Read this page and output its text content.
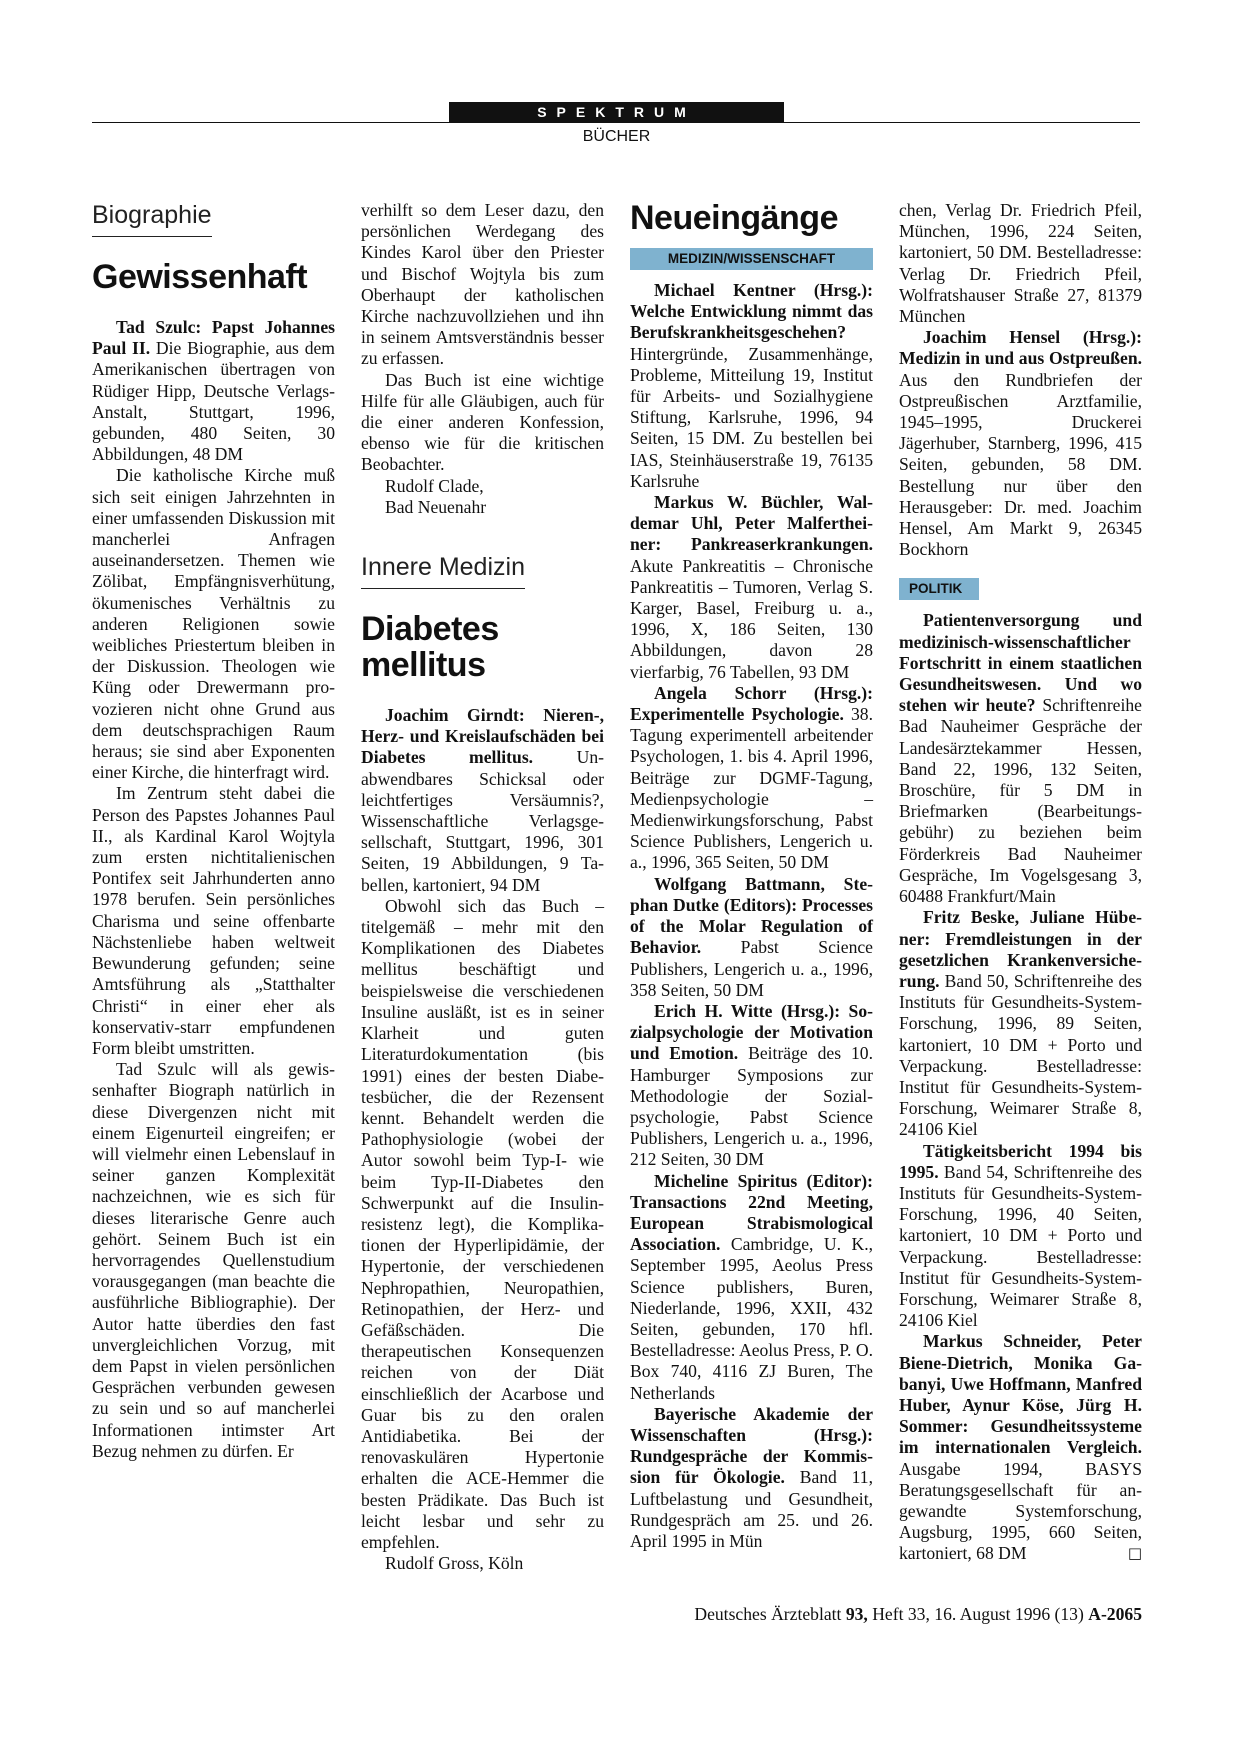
SPEKTRUM
BÜCHER
Biographie
Gewissenhaft

Tad Szulc: Papst Johannes Paul II. Die Biographie, aus dem Amerikanischen übertragen von Rüdiger Hipp, Deutsche Verlags-Anstalt, Stuttgart, 1996, gebunden, 480 Seiten, 30 Abbildungen, 48 DM

Die katholische Kirche muß sich seit einigen Jahrzehnten in einer umfassenden Diskussion mit mancherlei Anfragen auseinandersetzen. Themen wie Zölibat, Empfängnisverhütung, ökumenisches Verhältnis zu anderen Religionen sowie weibliches Priestertum bleiben in der Diskussion. Theologen wie Küng oder Drewermann provozieren nicht ohne Grund aus dem deutschsprachigen Raum heraus; sie sind aber Exponenten einer Kirche, die hinterfragt wird.

Im Zentrum steht dabei die Person des Papstes Johannes Paul II., als Kardinal Karol Wojtyla zum ersten nichtitalienischen Pontifex seit Jahrhunderten anno 1978 berufen. Sein persönliches Charisma und seine offenbarte Nächstenliebe haben weltweit Bewunderung gefunden; seine Amtsführung als „Statthalter Christi“ in einer eher als konservativ-starr empfundenen Form bleibt umstritten.

Tad Szulc will als gewissenhafter Biograph natürlich in diese Divergenzen nicht mit einem Eigenurteil eingreifen; er will vielmehr einen Lebenslauf in seiner ganzen Komplexität nachzeichnen, wie es sich für dieses literarische Genre auch gehört. Seinem Buch ist ein hervorragendes Quellenstudium vorausgegangen (man beachte die ausführliche Bibliographie). Der Autor hatte überdies den fast unvergleichlichen Vorzug, mit dem Papst in vielen persönlichen Gesprächen verbunden gewesen zu sein und so auf mancherlei Informationen intimster Art Bezug nehmen zu dürfen. Er

verhilft so dem Leser dazu, den persönlichen Werdegang des Kindes Karol über den Priester und Bischof Wojtyla bis zum Oberhaupt der katholischen Kirche nachzuvollziehen und ihn in seinem Amtsverständnis besser zu erfassen.

Das Buch ist eine wichtige Hilfe für alle Gläubigen, auch für die einer anderen Konfession, ebenso wie für die kritischen Beobachter.

Rudolf Clade,

Bad Neuenahr

Innere Medizin
Diabetes mellitus

Joachim Girndt: Nieren-, Herz- und Kreislaufschäden bei Diabetes mellitus. Unabwendbares Schicksal oder leichtfertiges Versäumnis?, Wissenschaftliche Verlagsgesellschaft, Stuttgart, 1996, 301 Seiten, 19 Abbildungen, 9 Tabellen, kartoniert, 94 DM

Obwohl sich das Buch – titelgemäß – mehr mit den Komplikationen des Diabetes mellitus beschäftigt und beispielsweise die verschiedenen Insuline ausläßt, ist es in seiner Klarheit und guten Literaturdokumentation (bis 1991) eines der besten Diabetesbücher, die der Rezensent kennt. Behandelt werden die Pathophysiologie (wobei der Autor sowohl beim Typ-I- wie beim Typ-II-Diabetes den Schwerpunkt auf die Insulinresistenz legt), die Komplikationen der Hyperlipidämie, der Hypertonie, der verschiedenen Nephropathien, Neuropathien, Retinopathien, der Herz- und Gefäßschäden. Die therapeutischen Konsequenzen reichen von der Diät einschließlich der Acarbose und Guar bis zu den oralen Antidiabetika. Bei der renovaskulären Hypertonie erhalten die ACE-Hemmer die besten Prädikate. Das Buch ist leicht lesbar und sehr zu empfehlen.

Rudolf Gross, Köln

Neueingänge
MEDIZIN/WISSENSCHAFT

Michael Kentner (Hrsg.): Welche Entwicklung nimmt das Berufskrankheitsgeschehen? Hintergründe, Zusammenhänge, Probleme, Mitteilung 19, Institut für Arbeits- und Sozialhygiene Stiftung, Karlsruhe, 1996, 94 Seiten, 15 DM. Zu bestellen bei IAS, Steinhäuserstraße 19, 76135 Karlsruhe

Markus W. Büchler, Waldemar Uhl, Peter Malfertheiner: Pankreaserkrankungen. Akute Pankreatitis – Chronische Pankreatitis – Tumoren, Verlag S. Karger, Basel, Freiburg u. a., 1996, X, 186 Seiten, 130 Abbildungen, davon 28 vierfarbig, 76 Tabellen, 93 DM

Angela Schorr (Hrsg.): Experimentelle Psychologie. 38. Tagung experimentell arbeitender Psychologen, 1. bis 4. April 1996, Beiträge zur DGMF-Tagung, Medienpsychologie – Medienwirkungsforschung, Pabst Science Publishers, Lengerich u. a., 1996, 365 Seiten, 50 DM

Wolfgang Battmann, Stephan Dutke (Editors): Processes of the Molar Regulation of Behavior. Pabst Science Publishers, Lengerich u. a., 1996, 358 Seiten, 50 DM

Erich H. Witte (Hrsg.): Sozialpsychologie der Motivation und Emotion. Beiträge des 10. Hamburger Symposions zur Methodologie der Sozialpsychologie, Pabst Science Publishers, Lengerich u. a., 1996, 212 Seiten, 30 DM

Micheline Spiritus (Editor): Transactions 22nd Meeting, European Strabismological Association. Cambridge, U. K., September 1995, Aeolus Press Science publishers, Buren, Niederlande, 1996, XXII, 432 Seiten, gebunden, 170 hfl. Bestelladresse: Aeolus Press, P. O. Box 740, 4116 ZJ Buren, The Netherlands

Bayerische Akademie der Wissenschaften (Hrsg.): Rundgespräche der Kommission für Ökologie. Band 11, Luftbelastung und Gesundheit, Rundgespräch am 25. und 26. April 1995 in Mün

chen, Verlag Dr. Friedrich Pfeil, München, 1996, 224 Seiten, kartoniert, 50 DM. Bestelladresse: Verlag Dr. Friedrich Pfeil, Wolfratshauser Straße 27, 81379 München

Joachim Hensel (Hrsg.): Medizin in und aus Ostpreußen. Aus den Rundbriefen der Ostpreußischen Arztfamilie, 1945–1995, Druckerei Jägerhuber, Starnberg, 1996, 415 Seiten, gebunden, 58 DM. Bestellung nur über den Herausgeber: Dr. med. Joachim Hensel, Am Markt 9, 26345 Bockhorn

POLITIK

Patientenversorgung und medizinisch-wissenschaftlicher Fortschritt in einem staatlichen Gesundheitswesen. Und wo stehen wir heute? Schriftenreihe Bad Nauheimer Gespräche der Landesärztekammer Hessen, Band 22, 1996, 132 Seiten, Broschüre, für 5 DM in Briefmarken (Bearbeitungsgebühr) zu beziehen beim Förderkreis Bad Nauheimer Gespräche, Im Vogelsgesang 3, 60488 Frankfurt/Main

Fritz Beske, Juliane Hübener: Fremdleistungen in der gesetzlichen Krankenversicherung. Band 50, Schriftenreihe des Instituts für Gesundheits-System-Forschung, 1996, 89 Seiten, kartoniert, 10 DM + Porto und Verpackung. Bestelladresse: Institut für Gesundheits-System-Forschung, Weimarer Straße 8, 24106 Kiel

Tätigkeitsbericht 1994 bis 1995. Band 54, Schriftenreihe des Instituts für Gesundheits-System-Forschung, 1996, 40 Seiten, kartoniert, 10 DM + Porto und Verpackung. Bestelladresse: Institut für Gesundheits-System-Forschung, Weimarer Straße 8, 24106 Kiel

Markus Schneider, Peter Biene-Dietrich, Monika Gabanyi, Uwe Hoffmann, Manfred Huber, Aynur Köse, Jürg H. Sommer: Gesundheitssysteme im internationalen Vergleich. Ausgabe 1994, BASYS Beratungsgesellschaft für angewandte Systemforschung, Augsburg, 1995, 660 Seiten, kartoniert, 68 DM	□

Deutsches Ärzteblatt 93, Heft 33, 16. August 1996 (13) A-2065
